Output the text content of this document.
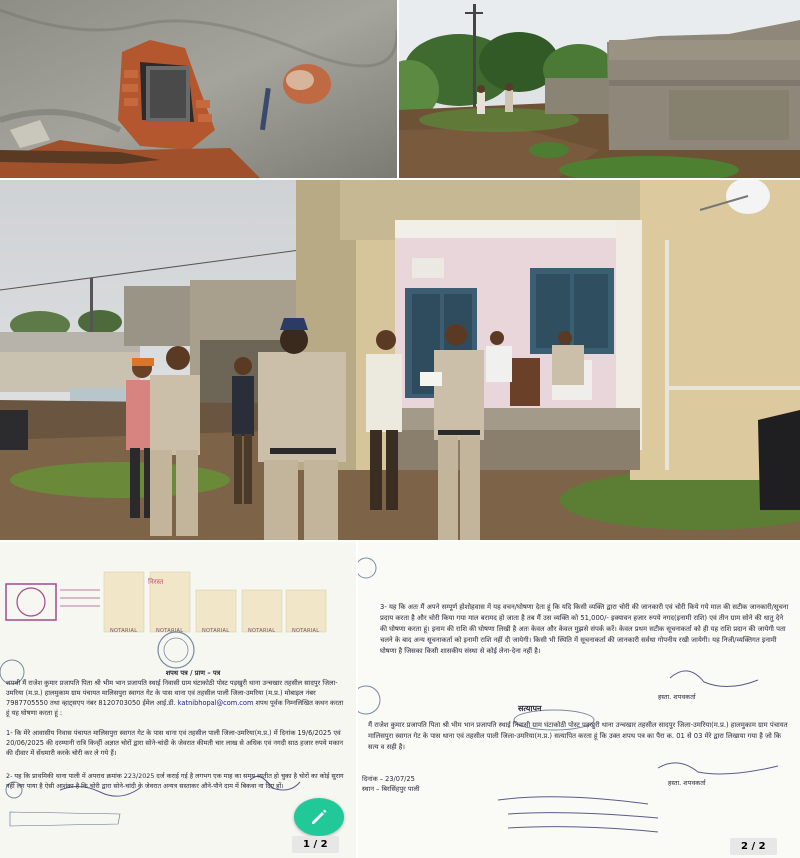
NOTARIAL	NOTARIAL	NOTARIAL	NOTARIAL	NOTARIAL
निरस्त
शपथ पत्र / प्राण – पत्र
शपथी मैं राजेश कुमार प्रजापति पिता श्री भीम भान प्रजापति स्थाई निवासी ग्राम घंटाकोठी पोस्ट पड़खुरी थाना उन्चखार तहसील सादपुर जिला-उमरिया (म.प्र.) हालमुकाम ग्राम पंचायत मालिसपुरा स्वागत गेट के पास थाना एवं तहसील पाली जिला-उमरिया (म.प्र.) मोबाइल नंबर 7987705550 तथा व्हाट्सएप नंबर 8120703050 ईमेल आई.डी. katnibhopal@com.com शपथ पूर्वक निम्नलिखित कथन करता हूं यह घोषणा करता हूं :
1- कि मेरे आवासीय निवास पंचायत मालिसपुरा स्वागत गेट के पास थाना एवं तहसील पाली जिला-उमरिया(म.प्र.) में दिनांक 19/6/2025 एवं 20/06/2025 की दरम्यानी रात्रि किन्हीं अज्ञात चोरों द्वारा सोने-चांदी के जेवरात कीमती चार लाख से अधिक एवं नगदी साठ हजार रुपये मकान की दीवार में सेंधमारी करके चोरी कर ले गये हैं।
2- यह कि प्राथमिकी थाना पाली में अपराध क्रमांक 223/2025 दर्ज कराई गई है लगभग एक माह का समय व्यतीत हो चुका है चोरों का कोई सुराग नहीं लग पाया है ऐसी आशंका है कि चोरी द्वारा सोने-चांदी के जेवरात अन्यत्र सस्ताकर औने-पौने दाम में बिकवा ना दिए हों।
1 / 2
3- यह कि अतः मैं अपने सम्पूर्ण होशोहवास में यह वचन/घोषणा देता हूं कि यदि किसी व्यक्ति द्वारा चोरी की जानकारी एवं चोरी किये गये माल की सटीक जानकारी/सूचना प्रदाय करता है और चोरी किया गया माल बरामद हो जाता है तब मैं उस व्यक्ति को 51,000/- इक्यावन हजार रुपये नगद(इनामी राशि) एवं तीन ग्राम सोने की धातु देने की घोषणा करता हूं। इनाम की राशि की घोषणा लिखी है अतः केवल और केवल मुझसे संपर्क करें। केवल प्रथम सटीक सूचनाकर्ता को ही यह राशि प्रदान की जायेगी पता चलने के बाद अन्य सूचनाकर्ता को इनामी राशि नहीं दी जायेगी। किसी भी स्थिति में सूचनाकर्ता की जानकारी सर्वथा गोपनीय रखी जायेगी। यह निजी/व्यक्तिगत इनामी घोषणा है जिसका किसी शासकीय संस्था से कोई लेना-देना नहीं है।
हस्ता. शपथकर्ता
सत्यापन
मैं राजेश कुमार प्रजापति पिता श्री भीम भान प्रजापति स्थाई निवासी ग्राम घंटाकोठी पोस्ट पड़खुरी थाना उन्चखार तहसील सादपुर जिला-उमरिया(म.प्र.) हालमुकाम ग्राम पंचायत मालिसपुरा स्वागत गेट के पास थाना एवं तहसील पाली जिला-उमरिया(म.प्र.) सत्यापित करता हूं कि उक्त शपथ पत्र का पैरा क. 01 से 03 मेरे द्वारा लिखाया गया है जो कि सत्य व सही है।
दिनांक – 23/07/25
स्थान – बिरसिंहपुर पाली
हस्ता. शपथकर्ता
2 / 2
